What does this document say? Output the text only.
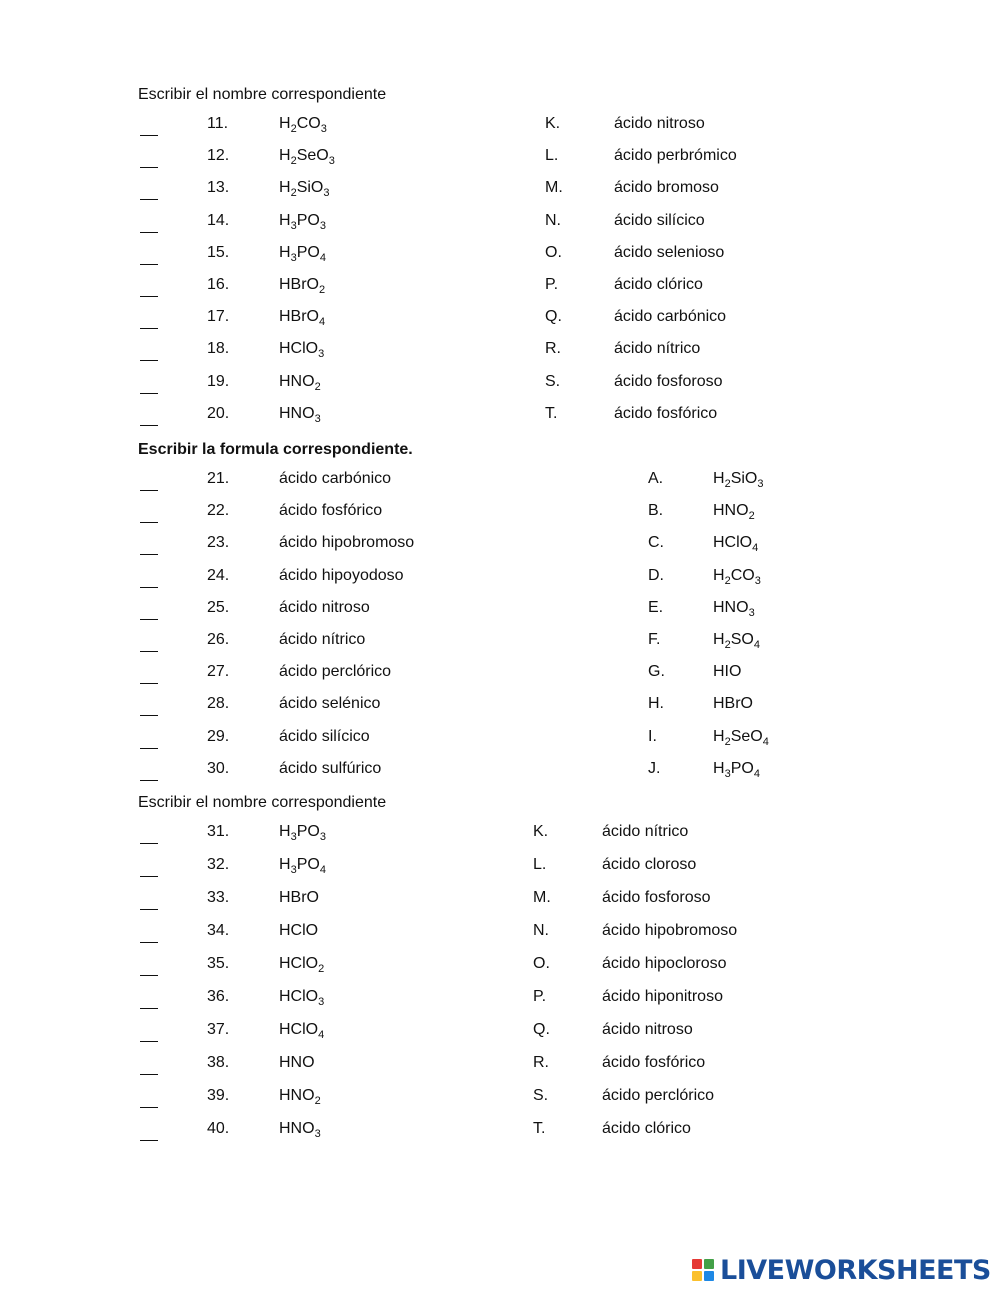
Escribir el nombre correspondiente
11.	$H_2CO_3$	K.	ácido nitroso
12.	$H_2SeO_3$	L.	ácido perbrómico
13.	$H_2SiO_3$	M.	ácido bromoso
14.	$H_3PO_3$	N.	ácido silícico
15.	$H_3PO_4$	O.	ácido selenioso
16.	HBrO$_2$	P.	ácido clórico
17.	HBrO$_4$	Q.	ácido carbónico
18.	HClO$_3$	R.	ácido nítrico
19.	$HNO_2$	S.	ácido fosforoso
20.	$HNO_3$	T.	ácido fosfórico
Escribir la formula correspondiente.
21.	ácido carbónico	A.	$H_2SiO_3$
22.	ácido fosfórico	B.	$HNO_2$
23.	ácido hipobromoso	C.	HClO$_4$
24.	ácido hipoyodoso	D.	$H_2CO_3$
25.	ácido nitroso	E.	$HNO_3$
26.	ácido nítrico	F.	$H_2SO_4$
27.	ácido perclórico	G.	HIO
28.	ácido selénico	H.	HBrO
29.	ácido silícico	I.	$H_2SeO_4$
30.	ácido sulfúrico	J.	$H_3PO_4$
Escribir el nombre correspondiente
31.	$H_3PO_3$	K.	ácido nítrico
32.	$H_3PO_4$	L.	ácido cloroso
33.	HBrO	M.	ácido fosforoso
34.	HClO	N.	ácido hipobromoso
35.	HClO$_2$	O.	ácido hipocloroso
36.	HClO$_3$	P.	ácido hiponitroso
37.	HClO$_4$	Q.	ácido nitroso
38.	HNO	R.	ácido fosfórico
39.	$HNO_2$	S.	ácido perclórico
40.	$HNO_3$	T.	ácido clórico
LIVEWORKSHEETS
